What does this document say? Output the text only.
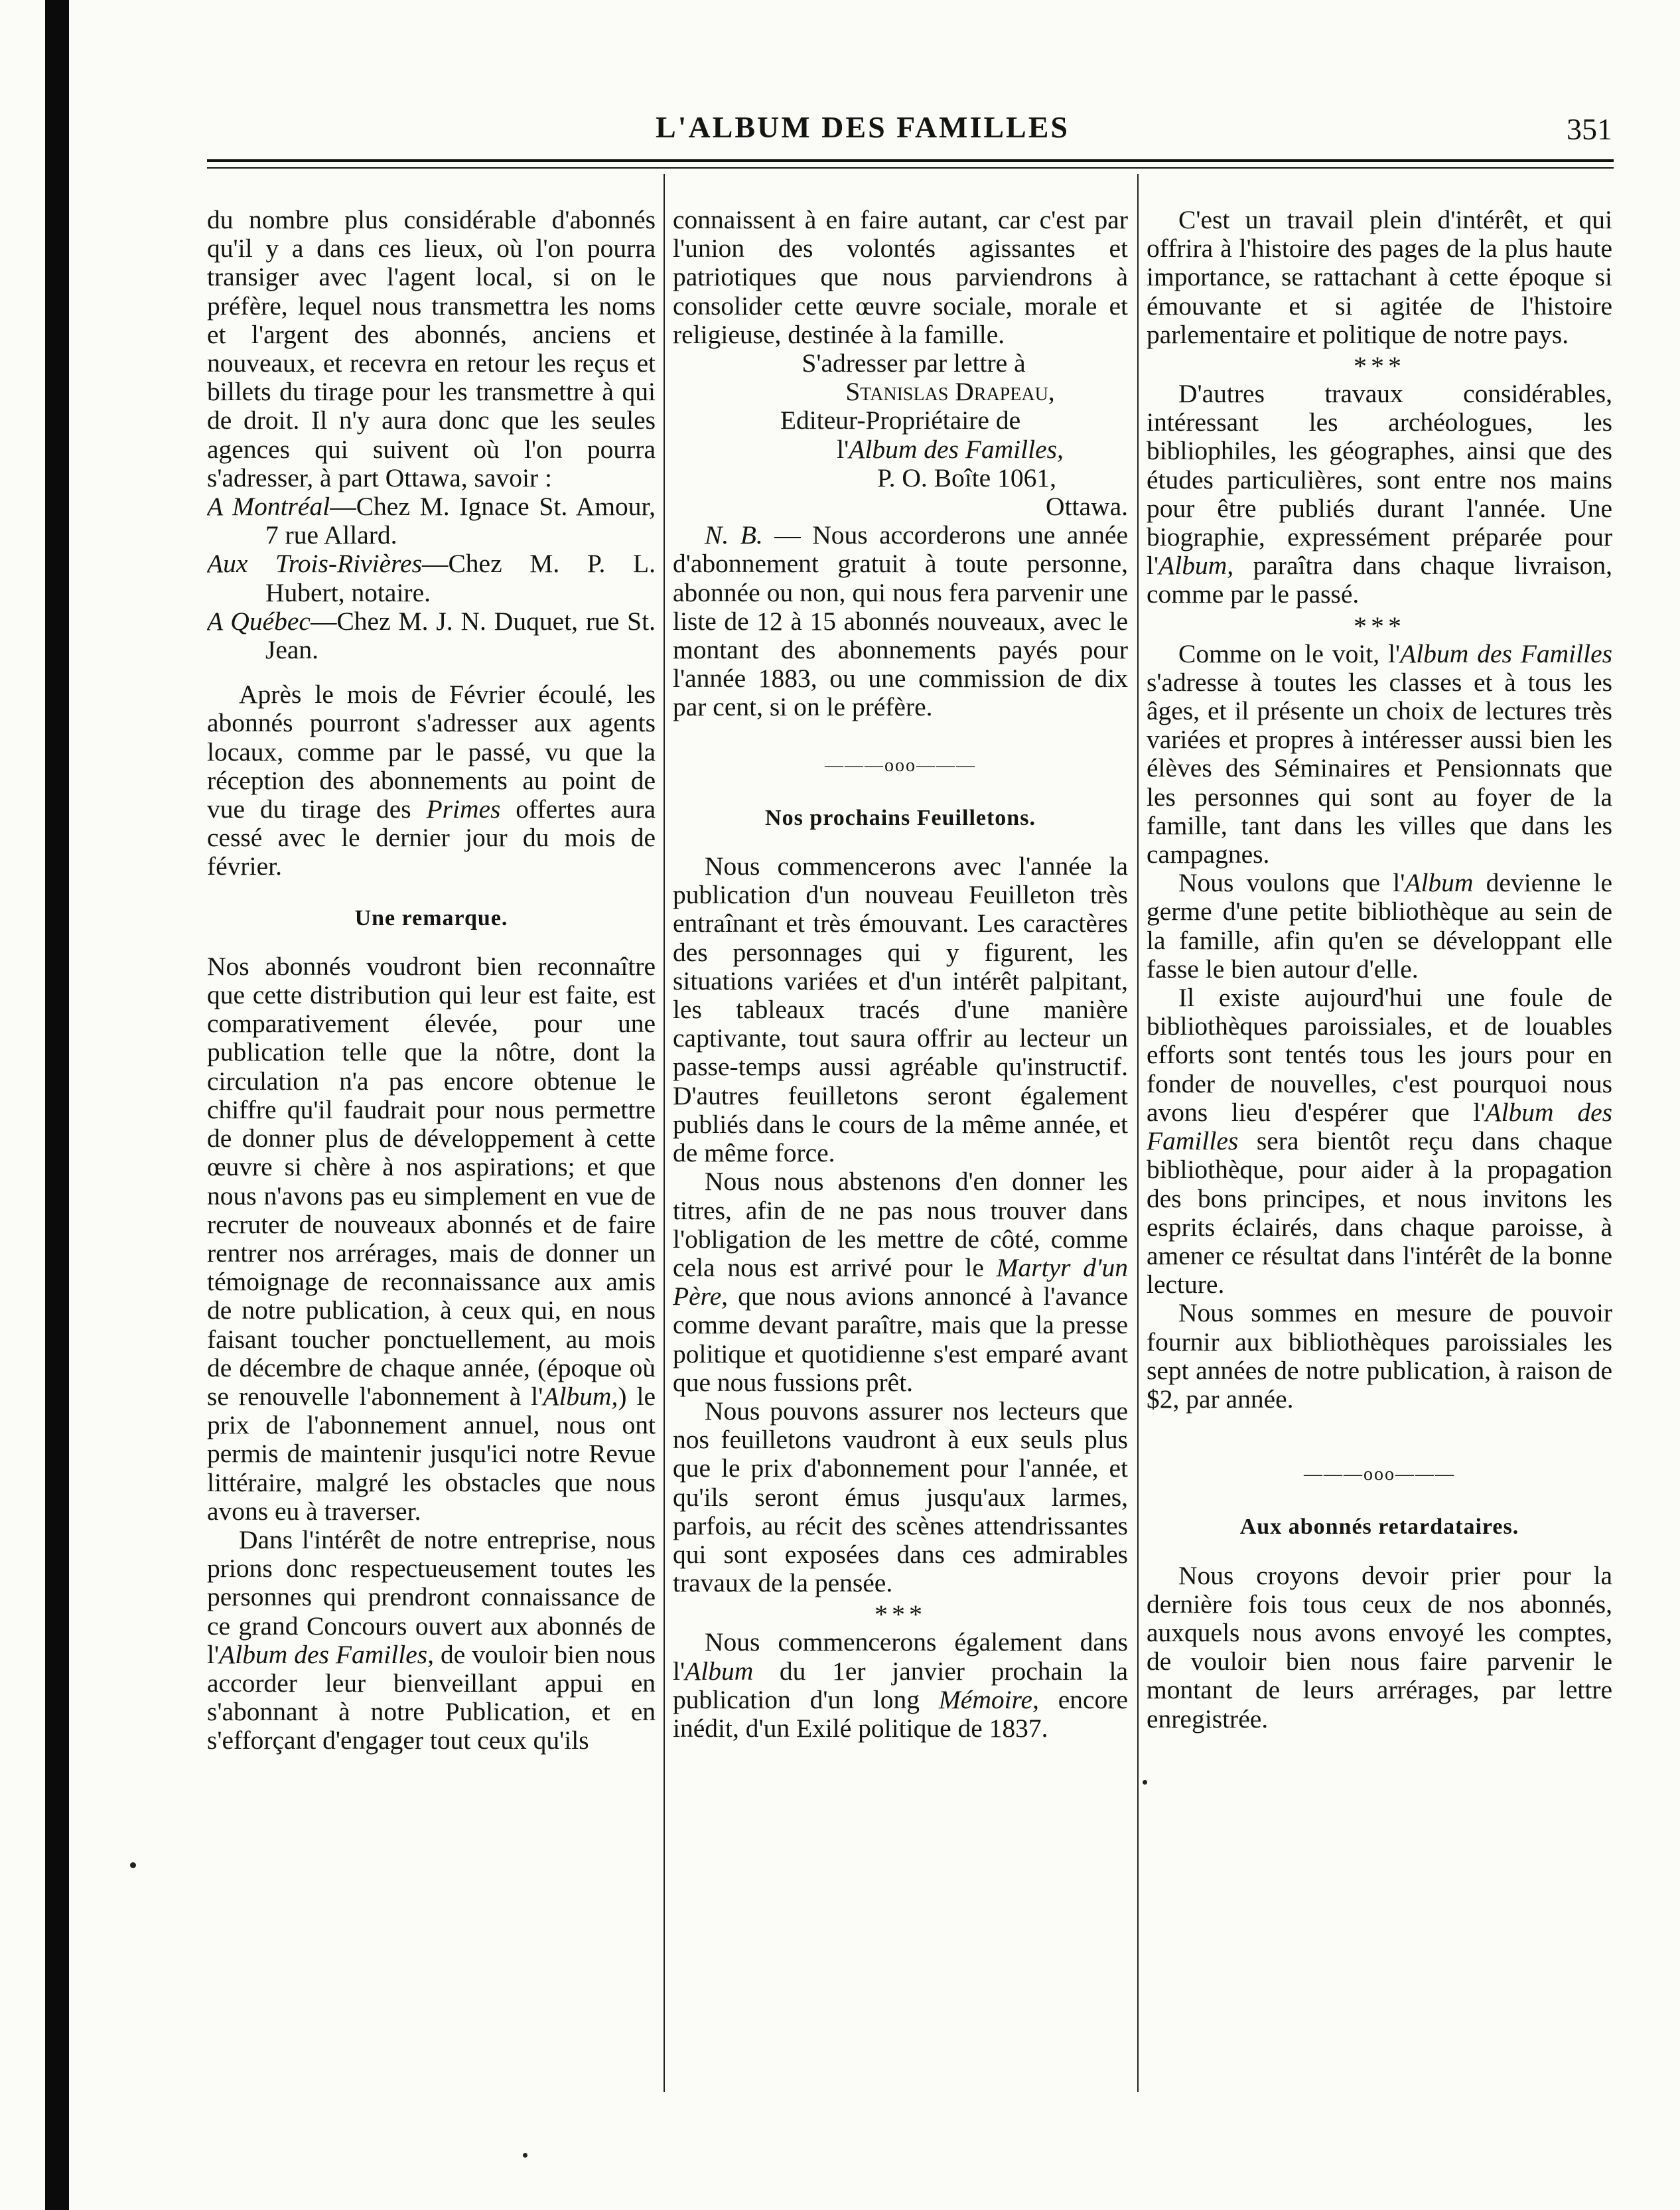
L'ALBUM DES FAMILLES	351

du nombre plus considérable d'abonnés qu'il y a dans ces lieux, où l'on pourra transiger avec l'agent local, si on le préfère, lequel nous transmettra les noms et l'argent des abonnés, anciens et nouveaux, et recevra en retour les reçus et billets du tirage pour les transmettre à qui de droit. Il n'y aura donc que les seules agences qui suivent où l'on pourra s'adresser, à part Ottawa, savoir :

A Montréal—Chez M. Ignace St. Amour, 7 rue Allard.

Aux Trois-Rivières—Chez M. P. L. Hubert, notaire.

A Québec—Chez M. J. N. Duquet, rue St. Jean.

Après le mois de Février écoulé, les abonnés pourront s'adresser aux agents locaux, comme par le passé, vu que la réception des abonnements au point de vue du tirage des Primes offertes aura cessé avec le dernier jour du mois de février.

Une remarque.

Nos abonnés voudront bien reconnaître que cette distribution qui leur est faite, est comparativement élevée, pour une publication telle que la nôtre, dont la circulation n'a pas encore obtenue le chiffre qu'il faudrait pour nous permettre de donner plus de développement à cette œuvre si chère à nos aspirations; et que nous n'avons pas eu simplement en vue de recruter de nouveaux abonnés et de faire rentrer nos arrérages, mais de donner un témoignage de reconnaissance aux amis de notre publication, à ceux qui, en nous faisant toucher ponctuellement, au mois de décembre de chaque année, (époque où se renouvelle l'abonnement à l'Album,) le prix de l'abonnement annuel, nous ont permis de maintenir jusqu'ici notre Revue littéraire, malgré les obstacles que nous avons eu à traverser.

Dans l'intérêt de notre entreprise, nous prions donc respectueusement toutes les personnes qui prendront connaissance de ce grand Concours ouvert aux abonnés de l'Album des Familles, de vouloir bien nous accorder leur bienveillant appui en s'abonnant à notre Publication, et en s'efforçant d'engager tout ceux qu'ils

connaissent à en faire autant, car c'est par l'union des volontés agissantes et patriotiques que nous parviendrons à consolider cette œuvre sociale, morale et religieuse, destinée à la famille.

S'adresser par lettre à

Stanislas Drapeau,

Editeur-Propriétaire de

l'Album des Familles,

P. O. Boîte 1061,

Ottawa.

N. B. — Nous accorderons une année d'abonnement gratuit à toute personne, abonnée ou non, qui nous fera parvenir une liste de 12 à 15 abonnés nouveaux, avec le montant des abonnements payés pour l'année 1883, ou une commission de dix par cent, si on le préfère.

———ooo———
Nos prochains Feuilletons.

Nous commencerons avec l'année la publication d'un nouveau Feuilleton très entraînant et très émouvant. Les caractères des personnages qui y figurent, les situations variées et d'un intérêt palpitant, les tableaux tracés d'une manière captivante, tout saura offrir au lecteur un passe-temps aussi agréable qu'instructif. D'autres feuilletons seront également publiés dans le cours de la même année, et de même force.

Nous nous abstenons d'en donner les titres, afin de ne pas nous trouver dans l'obligation de les mettre de côté, comme cela nous est arrivé pour le Martyr d'un Père, que nous avions annoncé à l'avance comme devant paraître, mais que la presse politique et quotidienne s'est emparé avant que nous fussions prêt.

Nous pouvons assurer nos lecteurs que nos feuilletons vaudront à eux seuls plus que le prix d'abonnement pour l'année, et qu'ils seront émus jusqu'aux larmes, parfois, au récit des scènes attendrissantes qui sont exposées dans ces admirables travaux de la pensée.

***

Nous commencerons également dans l'Album du 1er janvier prochain la publication d'un long Mémoire, encore inédit, d'un Exilé politique de 1837.

C'est un travail plein d'intérêt, et qui offrira à l'histoire des pages de la plus haute importance, se rattachant à cette époque si émouvante et si agitée de l'histoire parlementaire et politique de notre pays.

***

D'autres travaux considérables, intéressant les archéologues, les bibliophiles, les géographes, ainsi que des études particulières, sont entre nos mains pour être publiés durant l'année. Une biographie, expressément préparée pour l'Album, paraîtra dans chaque livraison, comme par le passé.

***

Comme on le voit, l'Album des Familles s'adresse à toutes les classes et à tous les âges, et il présente un choix de lectures très variées et propres à intéresser aussi bien les élèves des Séminaires et Pensionnats que les personnes qui sont au foyer de la famille, tant dans les villes que dans les campagnes.

Nous voulons que l'Album devienne le germe d'une petite bibliothèque au sein de la famille, afin qu'en se développant elle fasse le bien autour d'elle.

Il existe aujourd'hui une foule de bibliothèques paroissiales, et de louables efforts sont tentés tous les jours pour en fonder de nouvelles, c'est pourquoi nous avons lieu d'espérer que l'Album des Familles sera bientôt reçu dans chaque bibliothèque, pour aider à la propagation des bons principes, et nous invitons les esprits éclairés, dans chaque paroisse, à amener ce résultat dans l'intérêt de la bonne lecture.

Nous sommes en mesure de pouvoir fournir aux bibliothèques paroissiales les sept années de notre publication, à raison de $2, par année.

———ooo———
Aux abonnés retardataires.

Nous croyons devoir prier pour la dernière fois tous ceux de nos abonnés, auxquels nous avons envoyé les comptes, de vouloir bien nous faire parvenir le montant de leurs arrérages, par lettre enregistrée.
